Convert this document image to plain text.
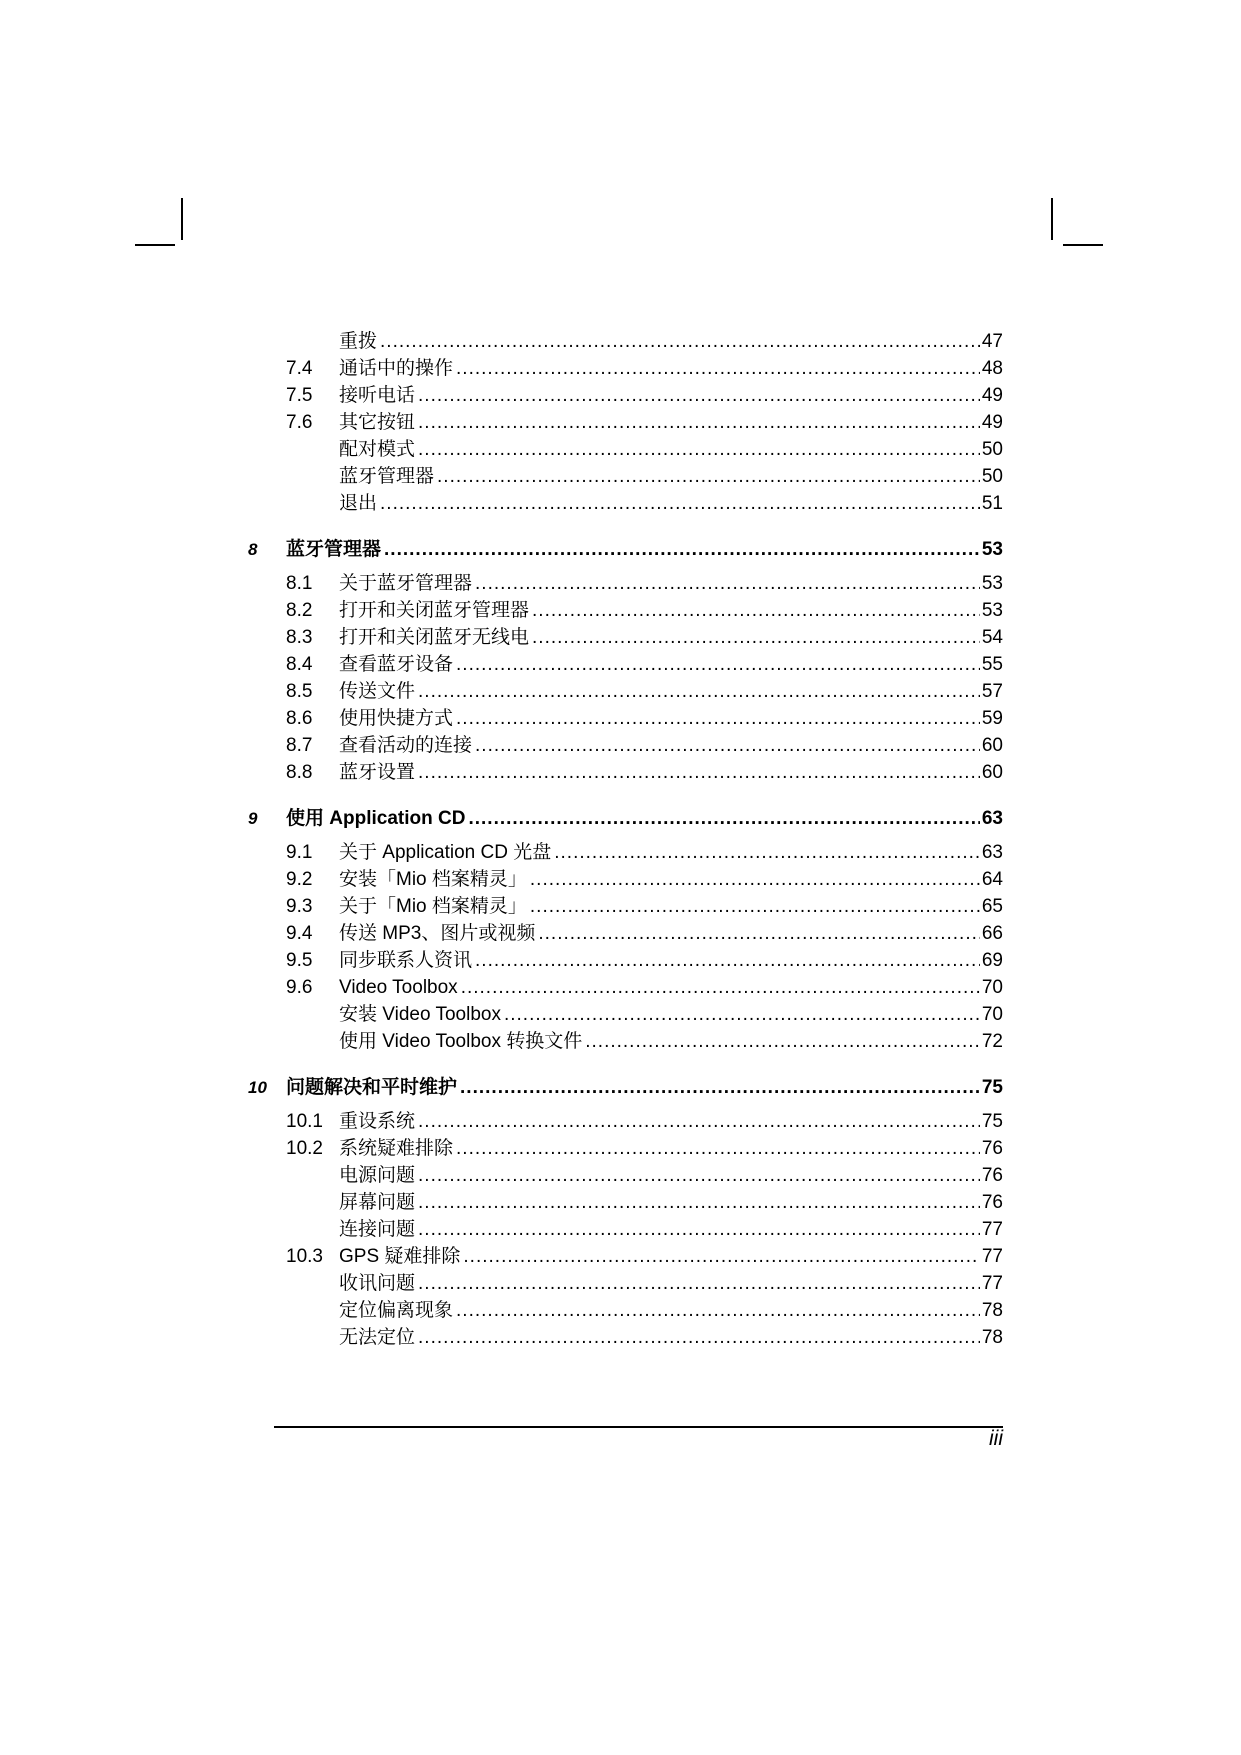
重拨 .....	47
7.4 通话中的操作 .....	48
7.5 接听电话 .....	49
7.6 其它按钮 .....	49
配对模式 .....	50
蓝牙管理器 .....	50
退出 .....	51
8 蓝牙管理器 .....	53
8.1 关于蓝牙管理器 .....	53
8.2 打开和关闭蓝牙管理器 .....	53
8.3 打开和关闭蓝牙无线电 .....	54
8.4 查看蓝牙设备 .....	55
8.5 传送文件 .....	57
8.6 使用快捷方式 .....	59
8.7 查看活动的连接 .....	60
8.8 蓝牙设置 .....	60
9 使用 Application CD .....	63
9.1 关于 Application CD 光盘 .....	63
9.2 安装「Mio 档案精灵」 .....	64
9.3 关于「Mio 档案精灵」 .....	65
9.4 传送 MP3、图片或视频 .....	66
9.5 同步联系人资讯 .....	69
9.6 Video Toolbox .....	70
安装 Video Toolbox .....	70
使用 Video Toolbox 转换文件 .....	72
10 问题解决和平时维护 .....	75
10.1 重设系统 .....	75
10.2 系统疑难排除 .....	76
电源问题 .....	76
屏幕问题 .....	76
连接问题 .....	77
10.3 GPS 疑难排除 .....	77
收讯问题 .....	77
定位偏离现象 .....	78
无法定位 .....	78
iii
